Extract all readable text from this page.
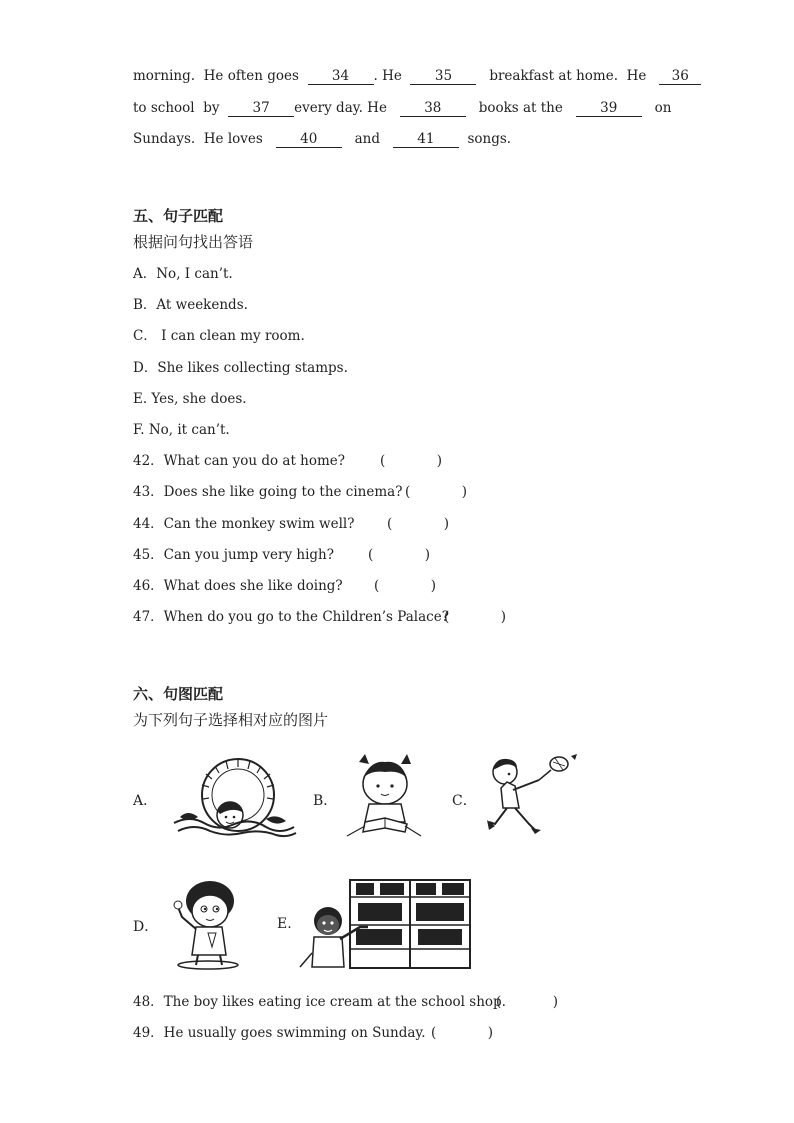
morning. He often goes 34 . He 35	breakfast at home. He 36
to school by 37 every day. He	38	books at the	39	on
Sundays. He loves	40	and	41 songs.
五、句子匹配
根据问句找出答语
A．No, I can’t.
B．At weekends.
C． I can clean my room.
D．She likes collecting stamps.
E. Yes, she does.
F. No, it can’t.
42．What can you do at home?	(            )
43．Does she like going to the cinema? (            )
44．Can the monkey swim well? (            )
45．Can you jump very high?	(            )
46．What does she like doing? (            )
47．When do you go to the Children’s Palace?
(            )
六、句图匹配
为下列句子选择相对应的图片
A．	B．	C．
D．	E.
48．The boy likes eating ice cream at the school shop.
(            )
49．He usually goes swimming on Sunday. (            )
